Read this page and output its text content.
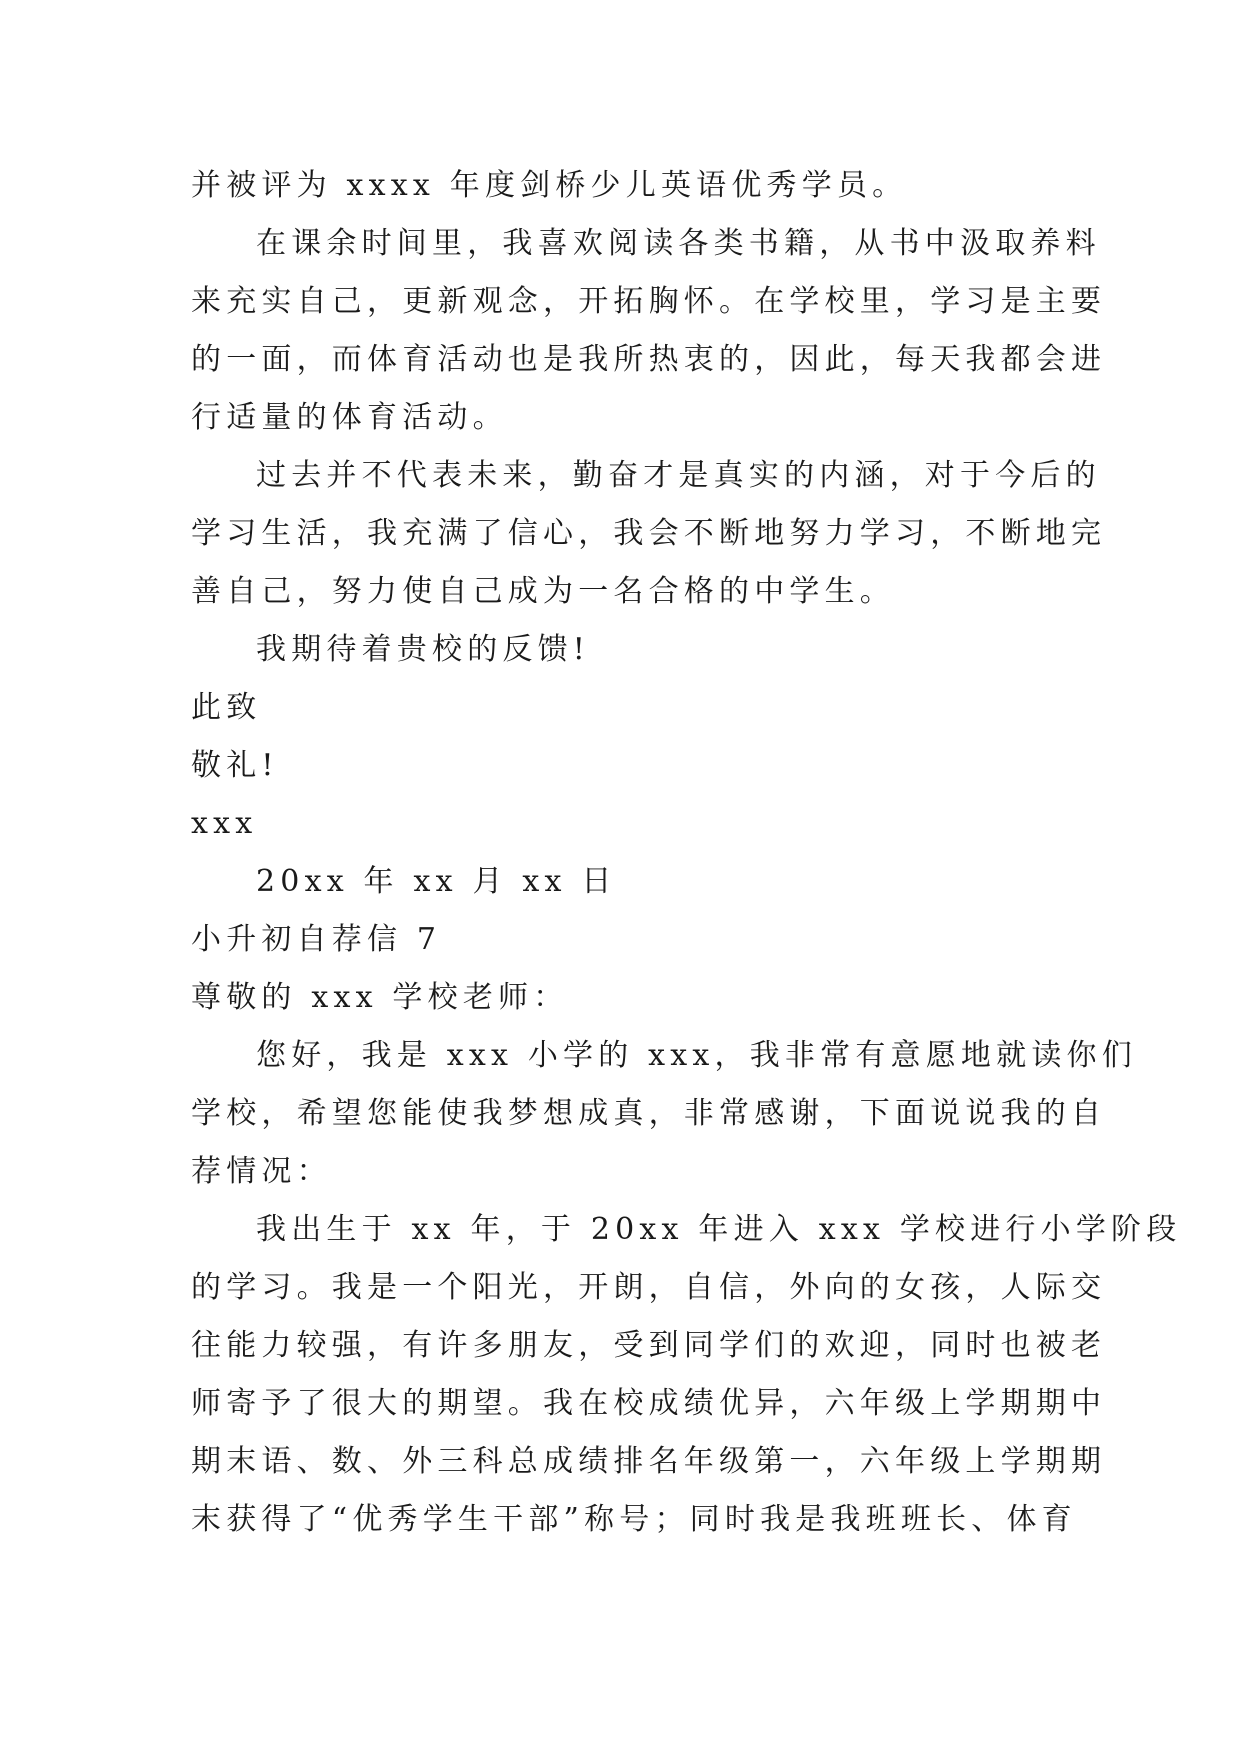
并被评为 xxxx 年度剑桥少儿英语优秀学员。
在课余时间里，我喜欢阅读各类书籍，从书中汲取养料
来充实自己，更新观念，开拓胸怀。在学校里，学习是主要
的一面，而体育活动也是我所热衷的，因此，每天我都会进
行适量的体育活动。
过去并不代表未来，勤奋才是真实的内涵，对于今后的
学习生活，我充满了信心，我会不断地努力学习，不断地完
善自己，努力使自己成为一名合格的中学生。
我期待着贵校的反馈!
此致
敬礼!
xxx
20xx 年 xx 月 xx 日
小升初自荐信 7
尊敬的 xxx 学校老师：
您好，我是 xxx 小学的 xxx，我非常有意愿地就读你们
学校，希望您能使我梦想成真，非常感谢，下面说说我的自
荐情况：
我出生于 xx 年，于 20xx 年进入 xxx 学校进行小学阶段
的学习。我是一个阳光，开朗，自信，外向的女孩，人际交
往能力较强，有许多朋友，受到同学们的欢迎，同时也被老
师寄予了很大的期望。我在校成绩优异，六年级上学期期中
期末语、数、外三科总成绩排名年级第一，六年级上学期期
末获得了“优秀学生干部”称号；同时我是我班班长、体育
